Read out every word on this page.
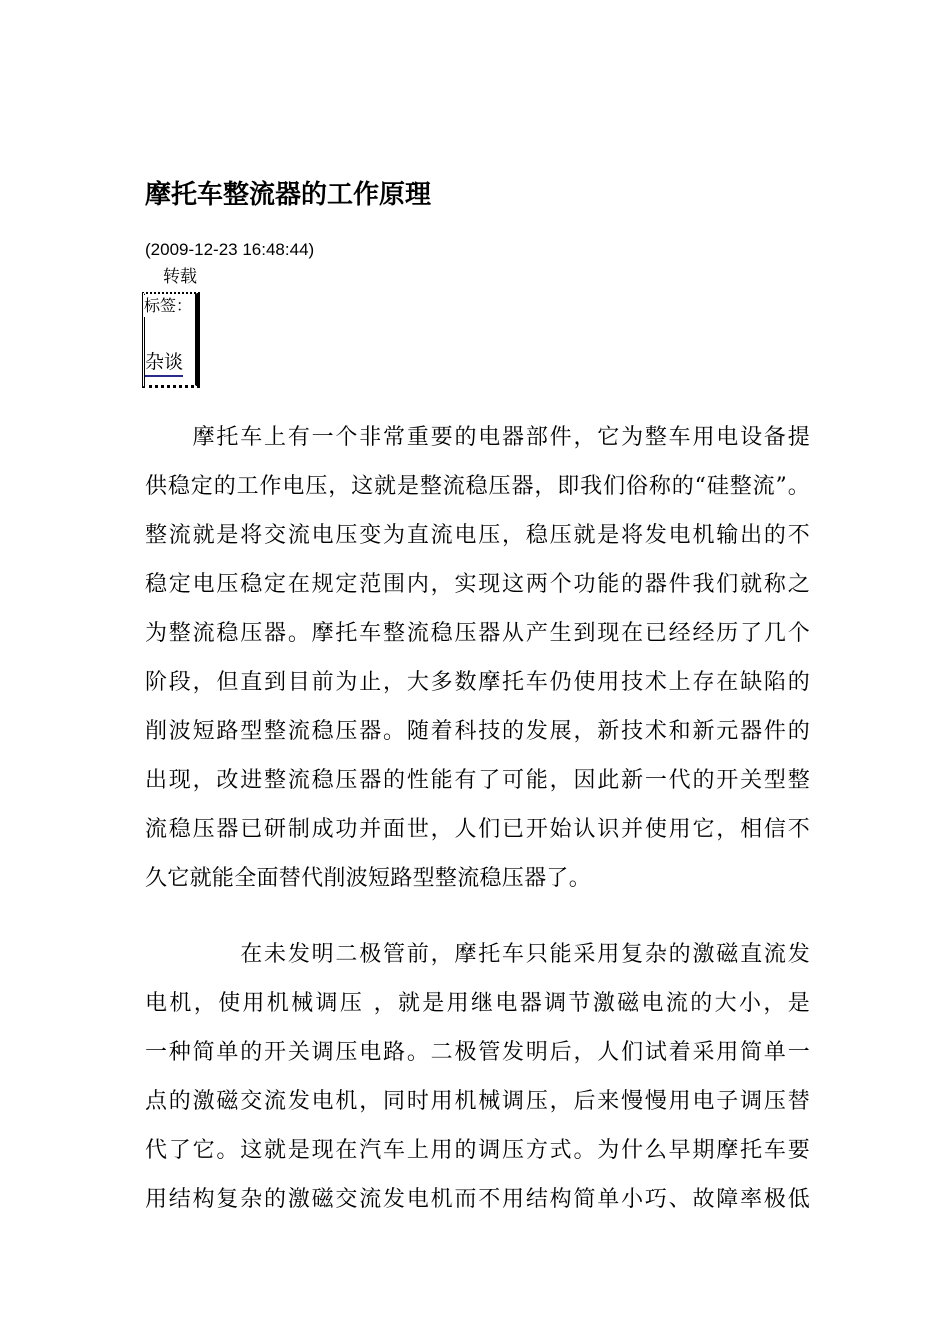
摩托车整流器的工作原理
(2009-12-23 16:48:44)
转载
标签：
杂谈
　　摩托车上有一个非常重要的电器部件，它为整车用电设备提
供稳定的工作电压，这就是整流稳压器，即我们俗称的“硅整流”。
整流就是将交流电压变为直流电压，稳压就是将发电机输出的不
稳定电压稳定在规定范围内，实现这两个功能的器件我们就称之
为整流稳压器。摩托车整流稳压器从产生到现在已经经历了几个
阶段，但直到目前为止，大多数摩托车仍使用技术上存在缺陷的
削波短路型整流稳压器。随着科技的发展，新技术和新元器件的
出现，改进整流稳压器的性能有了可能，因此新一代的开关型整
流稳压器已研制成功并面世，人们已开始认识并使用它，相信不
久它就能全面替代削波短路型整流稳压器了。
　　　　在未发明二极管前，摩托车只能采用复杂的激磁直流发
电机，使用机械调压 ，就是用继电器调节激磁电流的大小，是
一种简单的开关调压电路。二极管发明后，人们试着采用简单一
点的激磁交流发电机，同时用机械调压，后来慢慢用电子调压替
代了它。这就是现在汽车上用的调压方式。为什么早期摩托车要
用结构复杂的激磁交流发电机而不用结构简单小巧、故障率极低
